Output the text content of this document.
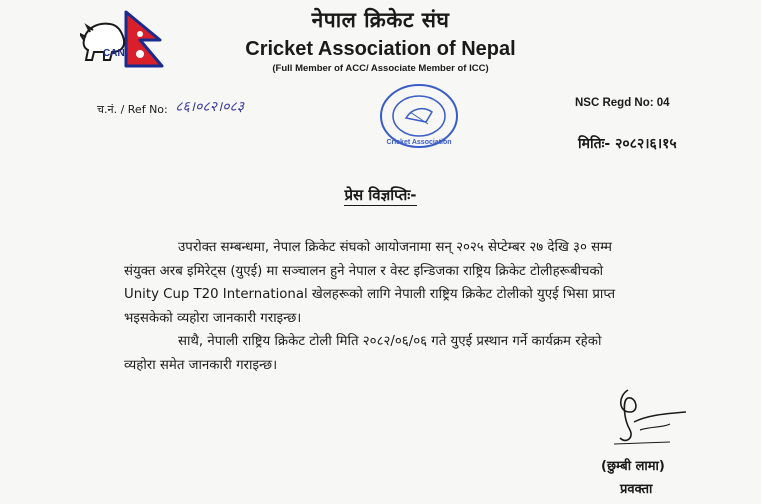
CAN
नेपाल क्रिकेट संघ
Cricket Association of Nepal
(Full Member of ACC/ Associate Member of ICC)
च.नं. / Ref No: ८६।०८२।०८३
Cricket Association
NSC Regd No: 04
मितिः- २०८२।६।१५
प्रेस विज्ञप्तिः-
उपरोक्त सम्बन्धमा, नेपाल क्रिकेट संघको आयोजनामा सन् २०२५ सेप्टेम्बर २७ देखि ३० सम्म
संयुक्त अरब इमिरेट्स (युएई) मा सञ्चालन हुने नेपाल र वेस्ट इन्डिजका राष्ट्रिय क्रिकेट टोलीहरूबीचको
Unity Cup T20 International खेलहरूको लागि नेपाली राष्ट्रिय क्रिकेट टोलीको युएई भिसा प्राप्त
भइसकेको व्यहोरा जानकारी गराइन्छ।
साथै, नेपाली राष्ट्रिय क्रिकेट टोली मिति २०८२/०६/०६ गते युएई प्रस्थान गर्ने कार्यक्रम रहेको
व्यहोरा समेत जानकारी गराइन्छ।
(छुम्बी लामा)
प्रवक्ता
